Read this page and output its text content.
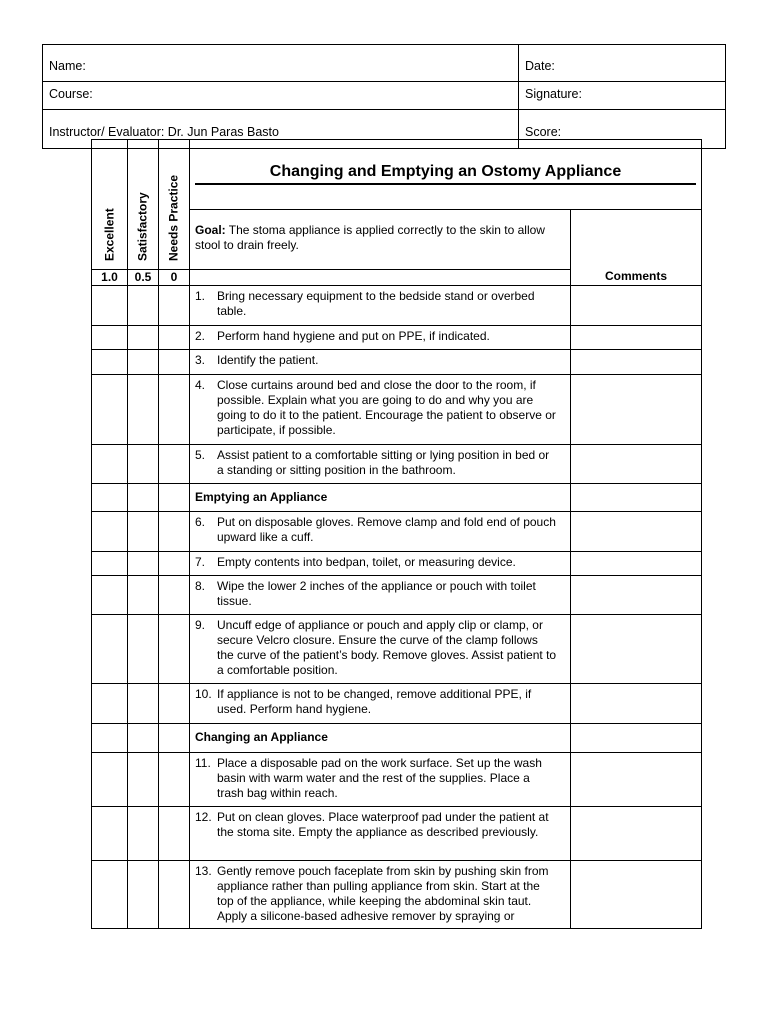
Name:	Date:
Course:	Signature:
Instructor/ Evaluator: Dr. Jun Paras Basto	Score:
Excellent	Satisfactory	Needs Practice	Changing and Emptying an Ostomy Appliance	

			Goal: The stoma appliance is applied correctly to the skin to allow stool to drain freely.	Comments
1.0	0.5	0		
			1. Bring necessary equipment to the bedside stand or overbed table.	
			2. Perform hand hygiene and put on PPE, if indicated.	
			3. Identify the patient.	
			4. Close curtains around bed and close the door to the room, if possible. Explain what you are going to do and why you are going to do it to the patient. Encourage the patient to observe or participate, if possible.	
			5. Assist patient to a comfortable sitting or lying position in bed or a standing or sitting position in the bathroom.	
			Emptying an Appliance	
			6. Put on disposable gloves. Remove clamp and fold end of pouch upward like a cuff.	
			7. Empty contents into bedpan, toilet, or measuring device.	
			8. Wipe the lower 2 inches of the appliance or pouch with toilet tissue.	
			9. Uncuff edge of appliance or pouch and apply clip or clamp, or secure Velcro closure. Ensure the curve of the clamp follows the curve of the patient’s body. Remove gloves. Assist patient to a comfortable position.	
			10. If appliance is not to be changed, remove additional PPE, if used. Perform hand hygiene.	
			Changing an Appliance	
			11. Place a disposable pad on the work surface. Set up the wash basin with warm water and the rest of the supplies. Place a trash bag within reach.	
			12. Put on clean gloves. Place waterproof pad under the patient at the stoma site. Empty the appliance as described previously.	
			13. Gently remove pouch faceplate from skin by pushing skin from appliance rather than pulling appliance from skin. Start at the top of the appliance, while keeping the abdominal skin taut. Apply a silicone-based adhesive remover by spraying or	
